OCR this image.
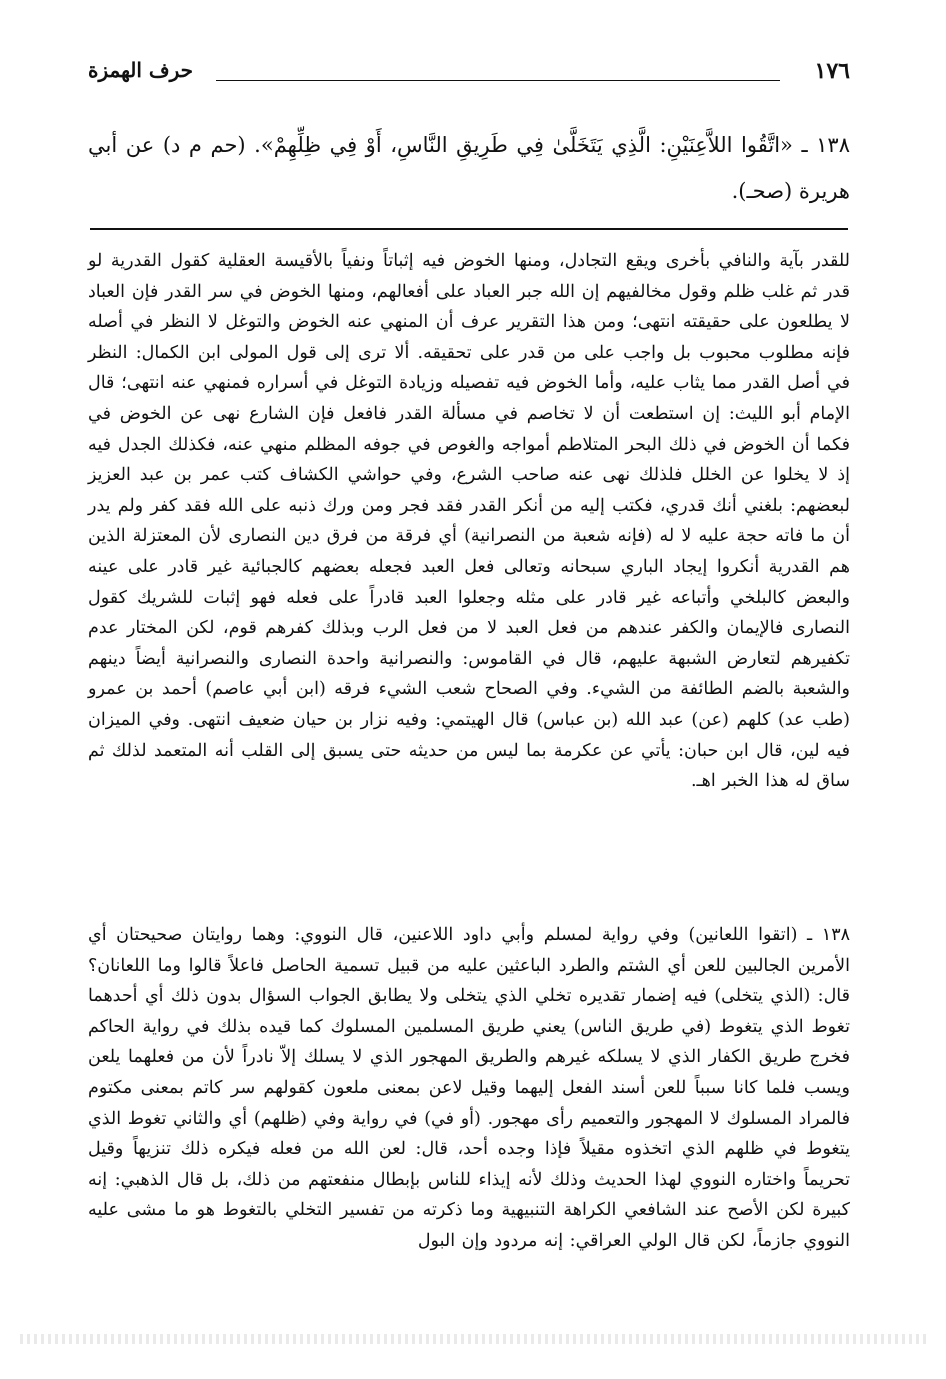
١٧٦
حرف الهمزة
١٣٨ ـ «اتَّقُوا اللاَّعِنَيْنِ: الَّذِي يَتَخَلَّىٰ فِي طَرِيقِ النَّاسِ، أَوْ فِي ظِلِّهِمْ». (حم م د) عن أبي هريرة (صحـ).

للقدر بآية والنافي بأخرى ويقع التجادل، ومنها الخوض فيه إثباتاً ونفياً بالأقيسة العقلية كقول القدرية لو قدر ثم غلب ظلم وقول مخالفيهم إن الله جبر العباد على أفعالهم، ومنها الخوض في سر القدر فإن العباد لا يطلعون على حقيقته انتهى؛ ومن هذا التقرير عرف أن المنهي عنه الخوض والتوغل لا النظر في أصله فإنه مطلوب محبوب بل واجب على من قدر على تحقيقه. ألا ترى إلى قول المولى ابن الكمال: النظر في أصل القدر مما يثاب عليه، وأما الخوض فيه تفصيله وزيادة التوغل في أسراره فمنهي عنه انتهى؛ قال الإمام أبو الليث: إن استطعت أن لا تخاصم في مسألة القدر فافعل فإن الشارع نهى عن الخوض في فكما أن الخوض في ذلك البحر المتلاطم أمواجه والغوص في جوفه المظلم منهي عنه، فكذلك الجدل فيه إذ لا يخلوا عن الخلل فلذلك نهى عنه صاحب الشرع، وفي حواشي الكشاف كتب عمر بن عبد العزيز لبعضهم: بلغني أنك قدري، فكتب إليه من أنكر القدر فقد فجر ومن ورك ذنبه على الله فقد كفر ولم يدر أن ما فاته حجة عليه لا له (فإنه شعبة من النصرانية) أي فرقة من فرق دين النصارى لأن المعتزلة الذين هم القدرية أنكروا إيجاد الباري سبحانه وتعالى فعل العبد فجعله بعضهم كالجبائية غير قادر على عينه والبعض كالبلخي وأتباعه غير قادر على مثله وجعلوا العبد قادراً على فعله فهو إثبات للشريك كقول النصارى فالإيمان والكفر عندهم من فعل العبد لا من فعل الرب وبذلك كفرهم قوم، لكن المختار عدم تكفيرهم لتعارض الشبهة عليهم، قال في القاموس: والنصرانية واحدة النصارى والنصرانية أيضاً دينهم والشعبة بالضم الطائفة من الشيء. وفي الصحاح شعب الشيء فرقه (ابن أبي عاصم) أحمد بن عمرو (طب عد) كلهم (عن) عبد الله (بن عباس) قال الهيتمي: وفيه نزار بن حيان ضعيف انتهى. وفي الميزان فيه لين، قال ابن حبان: يأتي عن عكرمة بما ليس من حديثه حتى يسبق إلى القلب أنه المتعمد لذلك ثم ساق له هذا الخبر اهـ.

١٣٨ ـ (اتقوا اللعانين) وفي رواية لمسلم وأبي داود اللاعنين، قال النووي: وهما روايتان صحيحتان أي الأمرين الجالبين للعن أي الشتم والطرد الباعثين عليه من قبيل تسمية الحاصل فاعلاً قالوا وما اللعانان؟ قال: (الذي يتخلى) فيه إضمار تقديره تخلي الذي يتخلى ولا يطابق الجواب السؤال بدون ذلك أي أحدهما تغوط الذي يتغوط (في طريق الناس) يعني طريق المسلمين المسلوك كما قيده بذلك في رواية الحاكم فخرج طريق الكفار الذي لا يسلكه غيرهم والطريق المهجور الذي لا يسلك إلاّ نادراً لأن من فعلهما يلعن ويسب فلما كانا سبباً للعن أسند الفعل إليهما وقيل لاعن بمعنى ملعون كقولهم سر كاتم بمعنى مكتوم فالمراد المسلوك لا المهجور والتعميم رأى مهجور. (أو في) في رواية وفي (ظلهم) أي والثاني تغوط الذي يتغوط في ظلهم الذي اتخذوه مقيلاً فإذا وجده أحد، قال: لعن الله من فعله فيكره ذلك تنزيهاً وقيل تحريماً واختاره النووي لهذا الحديث وذلك لأنه إيذاء للناس بإبطال منفعتهم من ذلك، بل قال الذهبي: إنه كبيرة لكن الأصح عند الشافعي الكراهة التنبيهية وما ذكرته من تفسير التخلي بالتغوط هو ما مشى عليه النووي جازماً، لكن قال الولي العراقي: إنه مردود وإن البول
